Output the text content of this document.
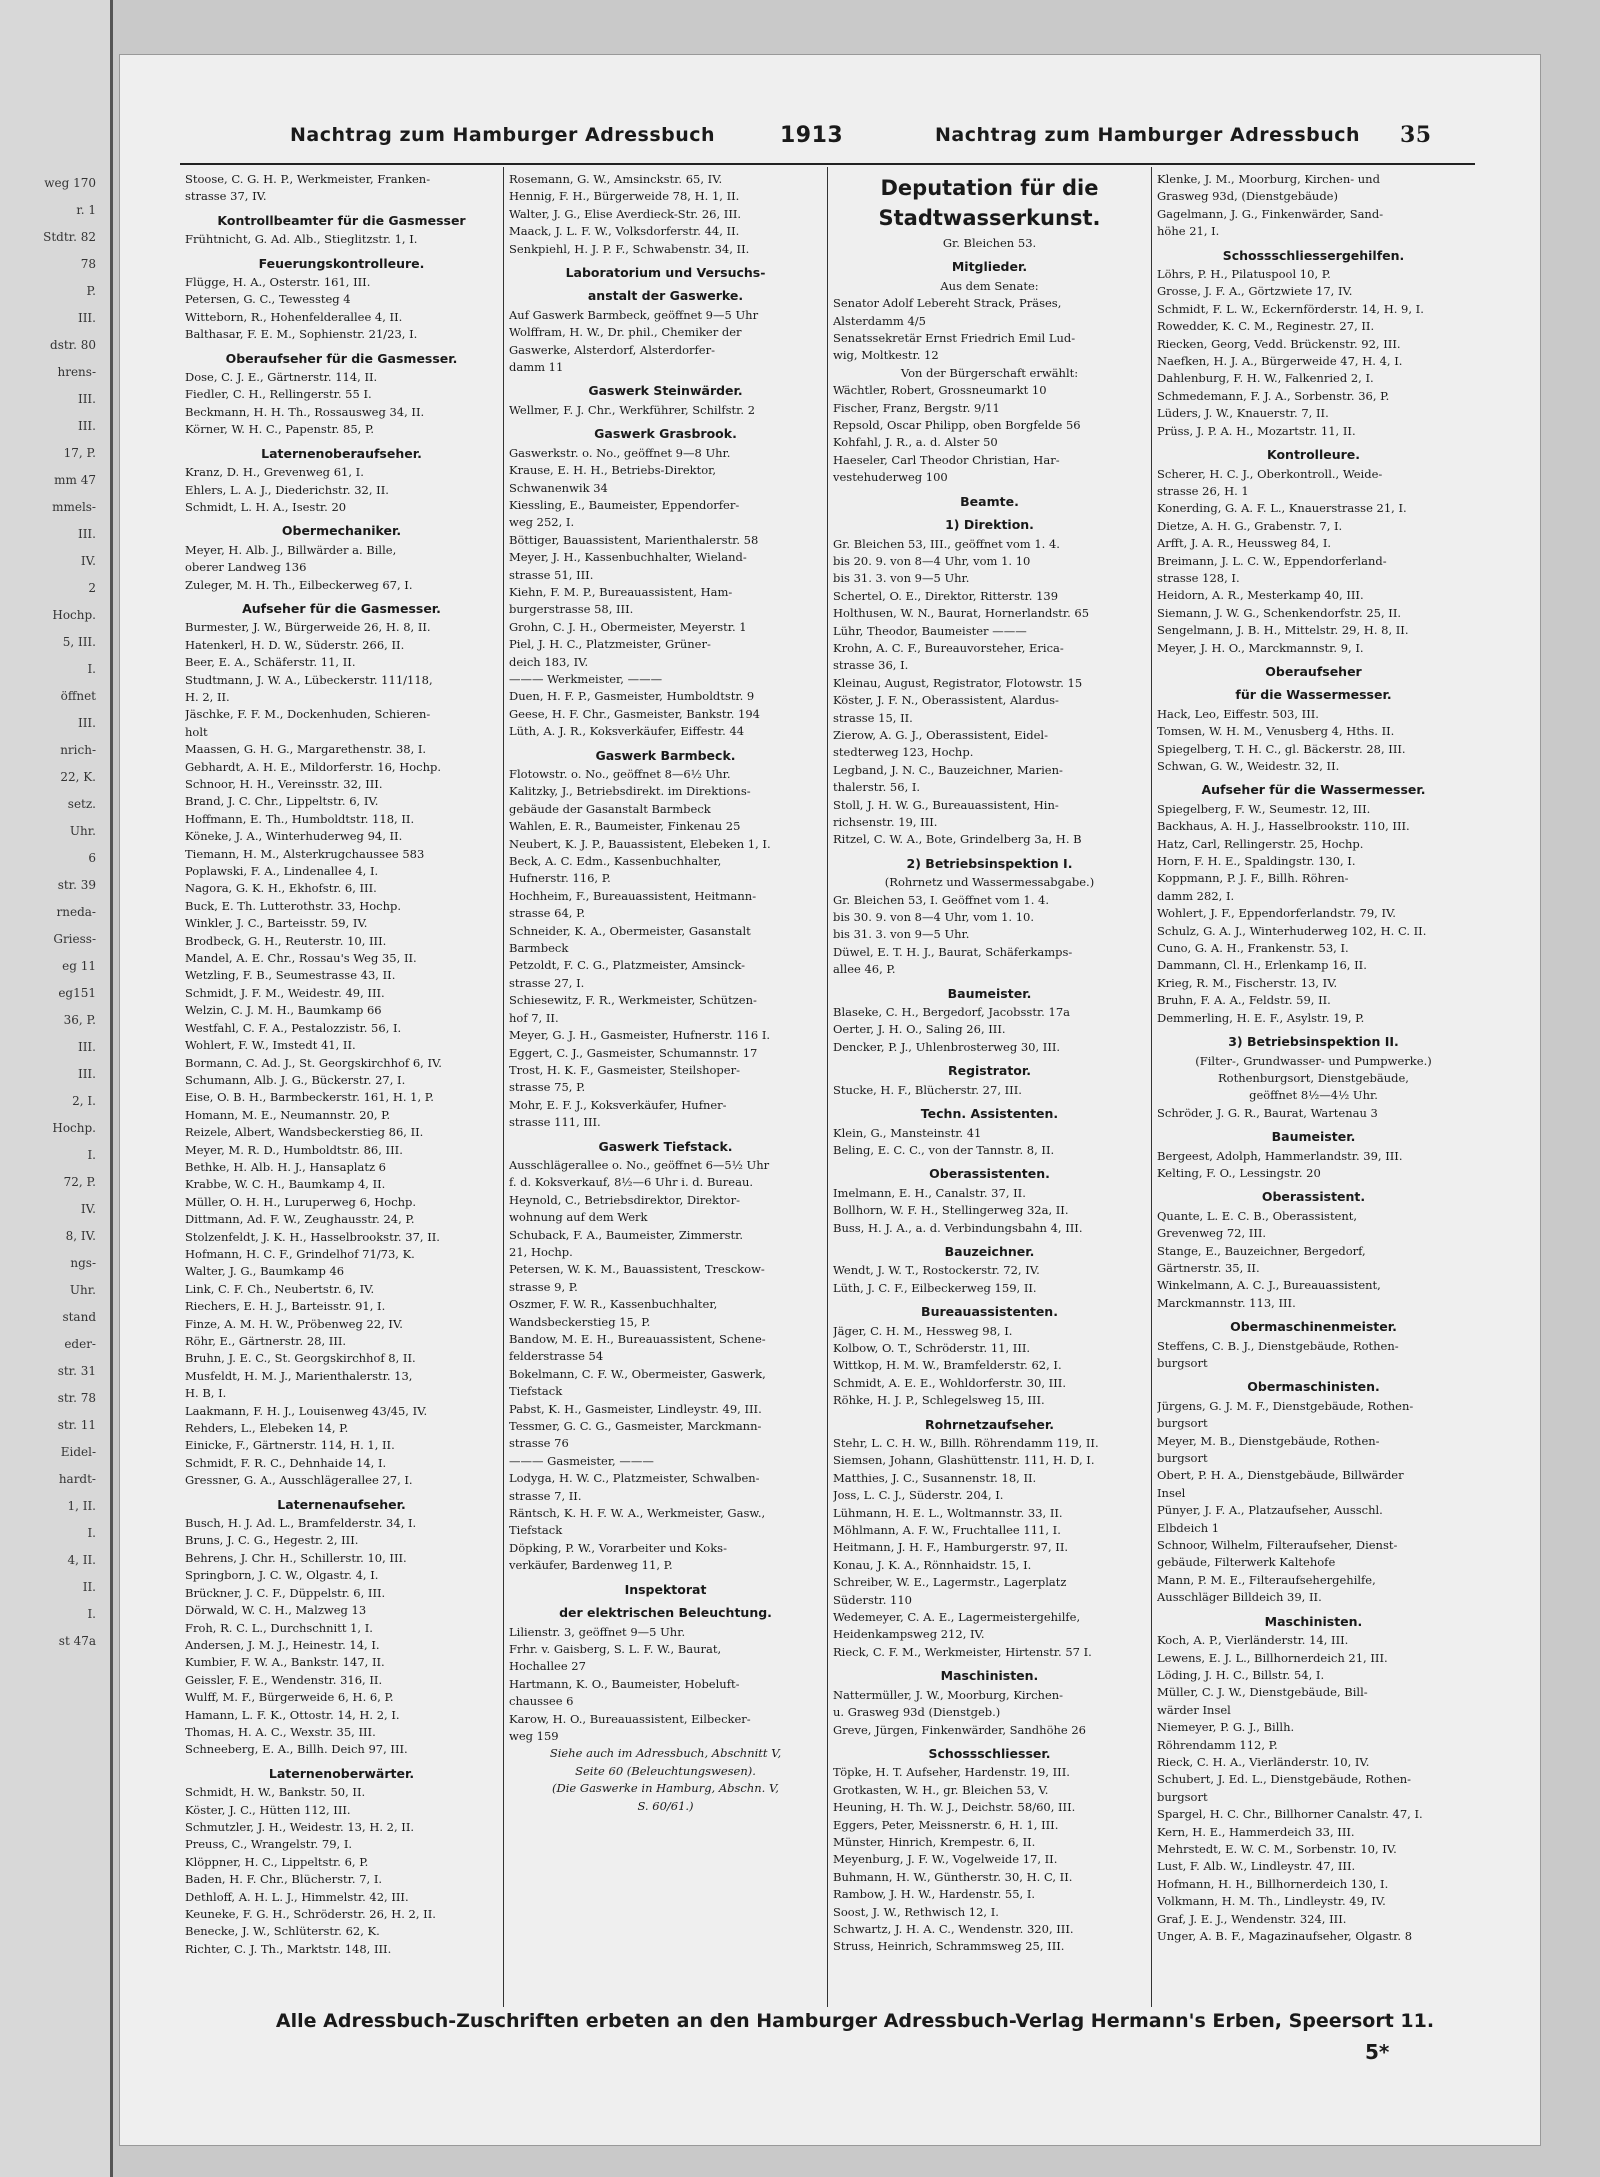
weg 170
r. 1
Stdtr. 82
78
P.
III.
dstr. 80
hrens-
III.
III.
17, P.
mm 47
mmels-
III.
IV.
2
Hochp.
5, III.
I.
öffnet
III.
nrich-
22, K.
setz.
Uhr.
6
str. 39
rneda-
Griess-
eg 11
eg151
36, P.
III.
III.
2, I.
Hochp.
I.
72, P.
IV.
8, IV.
ngs-
Uhr.
stand
eder-
str. 31
str. 78
str. 11
Eidel-
hardt-
1, II.
I.
4, II.
II.
I.
st 47a
Nachtrag zum Hamburger Adressbuch	1913	Nachtrag zum Hamburger Adressbuch 35
Stoose, C. G. H. P., Werkmeister, Franken-
strasse 37, IV.
Kontrollbeamter für die Gasmesser
Frühtnicht, G. Ad. Alb., Stieglitzstr. 1, I.
Feuerungskontrolleure.
Flügge, H. A., Osterstr. 161, III.
Petersen, G. C., Tewessteg 4
Witteborn, R., Hohenfelderallee 4, II.
Balthasar, F. E. M., Sophienstr. 21/23, I.
Oberaufseher für die Gasmesser.
Dose, C. J. E., Gärtnerstr. 114, II.
Fiedler, C. H., Rellingerstr. 55 I.
Beckmann, H. H. Th., Rossausweg 34, II.
Körner, W. H. C., Papenstr. 85, P.
Laternenoberaufseher.
Kranz, D. H., Grevenweg 61, I.
Ehlers, L. A. J., Diederichstr. 32, II.
Schmidt, L. H. A., Isestr. 20
Obermechaniker.
Meyer, H. Alb. J., Billwärder a. Bille,
oberer Landweg 136
Zuleger, M. H. Th., Eilbeckerweg 67, I.
Aufseher für die Gasmesser.
Burmester, J. W., Bürgerweide 26, H. 8, II.
Hatenkerl, H. D. W., Süderstr. 266, II.
Beer, E. A., Schäferstr. 11, II.
Studtmann, J. W. A., Lübeckerstr. 111/118,
H. 2, II.
Jäschke, F. F. M., Dockenhuden, Schieren-
holt
Maassen, G. H. G., Margarethenstr. 38, I.
Gebhardt, A. H. E., Mildorferstr. 16, Hochp.
Schnoor, H. H., Vereinsstr. 32, III.
Brand, J. C. Chr., Lippeltstr. 6, IV.
Hoffmann, E. Th., Humboldtstr. 118, II.
Köneke, J. A., Winterhuderweg 94, II.
Tiemann, H. M., Alsterkrugchaussee 583
Poplawski, F. A., Lindenallee 4, I.
Nagora, G. K. H., Ekhofstr. 6, III.
Buck, E. Th. Lutterothstr. 33, Hochp.
Winkler, J. C., Barteisstr. 59, IV.
Brodbeck, G. H., Reuterstr. 10, III.
Mandel, A. E. Chr., Rossau's Weg 35, II.
Wetzling, F. B., Seumestrasse 43, II.
Schmidt, J. F. M., Weidestr. 49, III.
Welzin, C. J. M. H., Baumkamp 66
Westfahl, C. F. A., Pestalozzistr. 56, I.
Wohlert, F. W., Imstedt 41, II.
Bormann, C. Ad. J., St. Georgskirchhof 6, IV.
Schumann, Alb. J. G., Bückerstr. 27, I.
Eise, O. B. H., Barmbeckerstr. 161, H. 1, P.
Homann, M. E., Neumannstr. 20, P.
Reizele, Albert, Wandsbeckerstieg 86, II.
Meyer, M. R. D., Humboldtstr. 86, III.
Bethke, H. Alb. H. J., Hansaplatz 6
Krabbe, W. C. H., Baumkamp 4, II.
Müller, O. H. H., Luruperweg 6, Hochp.
Dittmann, Ad. F. W., Zeughausstr. 24, P.
Stolzenfeldt, J. K. H., Hasselbrookstr. 37, II.
Hofmann, H. C. F., Grindelhof 71/73, K.
Walter, J. G., Baumkamp 46
Link, C. F. Ch., Neubertstr. 6, IV.
Riechers, E. H. J., Barteisstr. 91, I.
Finze, A. M. H. W., Pröbenweg 22, IV.
Röhr, E., Gärtnerstr. 28, III.
Bruhn, J. E. C., St. Georgskirchhof 8, II.
Musfeldt, H. M. J., Marienthalerstr. 13,
H. B, I.
Laakmann, F. H. J., Louisenweg 43/45, IV.
Rehders, L., Elebeken 14, P.
Einicke, F., Gärtnerstr. 114, H. 1, II.
Schmidt, F. R. C., Dehnhaide 14, I.
Gressner, G. A., Ausschlägerallee 27, I.
Laternenaufseher.
Busch, H. J. Ad. L., Bramfelderstr. 34, I.
Bruns, J. C. G., Hegestr. 2, III.
Behrens, J. Chr. H., Schillerstr. 10, III.
Springborn, J. C. W., Olgastr. 4, I.
Brückner, J. C. F., Düppelstr. 6, III.
Dörwald, W. C. H., Malzweg 13
Froh, R. C. L., Durchschnitt 1, I.
Andersen, J. M. J., Heinestr. 14, I.
Kumbier, F. W. A., Bankstr. 147, II.
Geissler, F. E., Wendenstr. 316, II.
Wulff, M. F., Bürgerweide 6, H. 6, P.
Hamann, L. F. K., Ottostr. 14, H. 2, I.
Thomas, H. A. C., Wexstr. 35, III.
Schneeberg, E. A., Billh. Deich 97, III.
Laternenoberwärter.
Schmidt, H. W., Bankstr. 50, II.
Köster, J. C., Hütten 112, III.
Schmutzler, J. H., Weidestr. 13, H. 2, II.
Preuss, C., Wrangelstr. 79, I.
Klöppner, H. C., Lippeltstr. 6, P.
Baden, H. F. Chr., Blücherstr. 7, I.
Dethloff, A. H. L. J., Himmelstr. 42, III.
Keuneke, F. G. H., Schröderstr. 26, H. 2, II.
Benecke, J. W., Schlüterstr. 62, K.
Richter, C. J. Th., Marktstr. 148, III.
Rosemann, G. W., Amsinckstr. 65, IV.
Hennig, F. H., Bürgerweide 78, H. 1, II.
Walter, J. G., Elise Averdieck-Str. 26, III.
Maack, J. L. F. W., Volksdorferstr. 44, II.
Senkpiehl, H. J. P. F., Schwabenstr. 34, II.
Laboratorium und Versuchs-
anstalt der Gaswerke.
Auf Gaswerk Barmbeck, geöffnet 9—5 Uhr
Wolffram, H. W., Dr. phil., Chemiker der
Gaswerke, Alsterdorf, Alsterdorfer-
damm 11
Gaswerk Steinwärder.
Wellmer, F. J. Chr., Werkführer, Schilfstr. 2
Gaswerk Grasbrook.
Gaswerkstr. o. No., geöffnet 9—8 Uhr.
Krause, E. H. H., Betriebs-Direktor,
Schwanenwik 34
Kiessling, E., Baumeister, Eppendorfer-
weg 252, I.
Böttiger, Bauassistent, Marienthalerstr. 58
Meyer, J. H., Kassenbuchhalter, Wieland-
strasse 51, III.
Kiehn, F. M. P., Bureauassistent, Ham-
burgerstrasse 58, III.
Grohn, C. J. H., Obermeister, Meyerstr. 1
Piel, J. H. C., Platzmeister, Grüner-
deich 183, IV.
——— Werkmeister, ———
Duen, H. F. P., Gasmeister, Humboldtstr. 9
Geese, H. F. Chr., Gasmeister, Bankstr. 194
Lüth, A. J. R., Koksverkäufer, Eiffestr. 44
Gaswerk Barmbeck.
Flotowstr. o. No., geöffnet 8—6½ Uhr.
Kalitzky, J., Betriebsdirekt. im Direktions-
gebäude der Gasanstalt Barmbeck
Wahlen, E. R., Baumeister, Finkenau 25
Neubert, K. J. P., Bauassistent, Elebeken 1, I.
Beck, A. C. Edm., Kassenbuchhalter,
Hufnerstr. 116, P.
Hochheim, F., Bureauassistent, Heitmann-
strasse 64, P.
Schneider, K. A., Obermeister, Gasanstalt
Barmbeck
Petzoldt, F. C. G., Platzmeister, Amsinck-
strasse 27, I.
Schiesewitz, F. R., Werkmeister, Schützen-
hof 7, II.
Meyer, G. J. H., Gasmeister, Hufnerstr. 116 I.
Eggert, C. J., Gasmeister, Schumannstr. 17
Trost, H. K. F., Gasmeister, Steilshoper-
strasse 75, P.
Mohr, E. F. J., Koksverkäufer, Hufner-
strasse 111, III.
Gaswerk Tiefstack.
Ausschlägerallee o. No., geöffnet 6—5½ Uhr
f. d. Koksverkauf, 8½—6 Uhr i. d. Bureau.
Heynold, C., Betriebsdirektor, Direktor-
wohnung auf dem Werk
Schuback, F. A., Baumeister, Zimmerstr.
21, Hochp.
Petersen, W. K. M., Bauassistent, Tresckow-
strasse 9, P.
Oszmer, F. W. R., Kassenbuchhalter,
Wandsbeckerstieg 15, P.
Bandow, M. E. H., Bureauassistent, Schene-
felderstrasse 54
Bokelmann, C. F. W., Obermeister, Gaswerk,
Tiefstack
Pabst, K. H., Gasmeister, Lindleystr. 49, III.
Tessmer, G. C. G., Gasmeister, Marckmann-
strasse 76
——— Gasmeister, ———
Lodyga, H. W. C., Platzmeister, Schwalben-
strasse 7, II.
Räntsch, K. H. F. W. A., Werkmeister, Gasw.,
Tiefstack
Döpking, P. W., Vorarbeiter und Koks-
verkäufer, Bardenweg 11, P.
Inspektorat
der elektrischen Beleuchtung.
Lilienstr. 3, geöffnet 9—5 Uhr.
Frhr. v. Gaisberg, S. L. F. W., Baurat,
Hochallee 27
Hartmann, K. O., Baumeister, Hobeluft-
chaussee 6
Karow, H. O., Bureauassistent, Eilbecker-
weg 159
Siehe auch im Adressbuch, Abschnitt V,
Seite 60 (Beleuchtungswesen).
(Die Gaswerke in Hamburg, Abschn. V,
S. 60/61.)
Deputation für die
Stadtwasserkunst.
Gr. Bleichen 53.
Mitglieder.
Aus dem Senate:
Senator Adolf Lebereht Strack, Präses,
Alsterdamm 4/5
Senatssekretär Ernst Friedrich Emil Lud-
wig, Moltkestr. 12
Von der Bürgerschaft erwählt:
Wächtler, Robert, Grossneumarkt 10
Fischer, Franz, Bergstr. 9/11
Repsold, Oscar Philipp, oben Borgfelde 56
Kohfahl, J. R., a. d. Alster 50
Haeseler, Carl Theodor Christian, Har-
vestehuderweg 100
Beamte.
1) Direktion.
Gr. Bleichen 53, III., geöffnet vom 1. 4.
bis 20. 9. von 8—4 Uhr, vom 1. 10
bis 31. 3. von 9—5 Uhr.
Schertel, O. E., Direktor, Ritterstr. 139
Holthusen, W. N., Baurat, Hornerlandstr. 65
Lühr, Theodor, Baumeister ———
Krohn, A. C. F., Bureauvorsteher, Erica-
strasse 36, I.
Kleinau, August, Registrator, Flotowstr. 15
Köster, J. F. N., Oberassistent, Alardus-
strasse 15, II.
Zierow, A. G. J., Oberassistent, Eidel-
stedterweg 123, Hochp.
Legband, J. N. C., Bauzeichner, Marien-
thalerstr. 56, I.
Stoll, J. H. W. G., Bureauassistent, Hin-
richsenstr. 19, III.
Ritzel, C. W. A., Bote, Grindelberg 3a, H. B
2) Betriebsinspektion I.
(Rohrnetz und Wassermessabgabe.)
Gr. Bleichen 53, I. Geöffnet vom 1. 4.
bis 30. 9. von 8—4 Uhr, vom 1. 10.
bis 31. 3. von 9—5 Uhr.
Düwel, E. T. H. J., Baurat, Schäferkamps-
allee 46, P.
Baumeister.
Blaseke, C. H., Bergedorf, Jacobsstr. 17a
Oerter, J. H. O., Saling 26, III.
Dencker, P. J., Uhlenbrosterweg 30, III.
Registrator.
Stucke, H. F., Blücherstr. 27, III.
Techn. Assistenten.
Klein, G., Mansteinstr. 41
Beling, E. C. C., von der Tannstr. 8, II.
Oberassistenten.
Imelmann, E. H., Canalstr. 37, II.
Bollhorn, W. F. H., Stellingerweg 32a, II.
Buss, H. J. A., a. d. Verbindungsbahn 4, III.
Bauzeichner.
Wendt, J. W. T., Rostockerstr. 72, IV.
Lüth, J. C. F., Eilbeckerweg 159, II.
Bureauassistenten.
Jäger, C. H. M., Hessweg 98, I.
Kolbow, O. T., Schröderstr. 11, III.
Wittkop, H. M. W., Bramfelderstr. 62, I.
Schmidt, A. E. E., Wohldorferstr. 30, III.
Röhke, H. J. P., Schlegelsweg 15, III.
Rohrnetzaufseher.
Stehr, L. C. H. W., Billh. Röhrendamm 119, II.
Siemsen, Johann, Glashüttenstr. 111, H. D, I.
Matthies, J. C., Susannenstr. 18, II.
Joss, L. C. J., Süderstr. 204, I.
Lühmann, H. E. L., Woltmannstr. 33, II.
Möhlmann, A. F. W., Fruchtallee 111, I.
Heitmann, J. H. F., Hamburgerstr. 97, II.
Konau, J. K. A., Rönnhaidstr. 15, I.
Schreiber, W. E., Lagermstr., Lagerplatz
Süderstr. 110
Wedemeyer, C. A. E., Lagermeistergehilfe,
Heidenkampsweg 212, IV.
Rieck, C. F. M., Werkmeister, Hirtenstr. 57 I.
Maschinisten.
Nattermüller, J. W., Moorburg, Kirchen-
u. Grasweg 93d (Dienstgeb.)
Greve, Jürgen, Finkenwärder, Sandhöhe 26
Schossschliesser.
Töpke, H. T. Aufseher, Hardenstr. 19, III.
Grotkasten, W. H., gr. Bleichen 53, V.
Heuning, H. Th. W. J., Deichstr. 58/60, III.
Eggers, Peter, Meissnerstr. 6, H. 1, III.
Münster, Hinrich, Krempestr. 6, II.
Meyenburg, J. F. W., Vogelweide 17, II.
Buhmann, H. W., Güntherstr. 30, H. C, II.
Rambow, J. H. W., Hardenstr. 55, I.
Soost, J. W., Rethwisch 12, I.
Schwartz, J. H. A. C., Wendenstr. 320, III.
Struss, Heinrich, Schrammsweg 25, III.
Klenke, J. M., Moorburg, Kirchen- und
Grasweg 93d, (Dienstgebäude)
Gagelmann, J. G., Finkenwärder, Sand-
höhe 21, I.
Schossschliessergehilfen.
Löhrs, P. H., Pilatuspool 10, P.
Grosse, J. F. A., Görtzwiete 17, IV.
Schmidt, F. L. W., Eckernförderstr. 14, H. 9, I.
Rowedder, K. C. M., Reginestr. 27, II.
Riecken, Georg, Vedd. Brückenstr. 92, III.
Naefken, H. J. A., Bürgerweide 47, H. 4, I.
Dahlenburg, F. H. W., Falkenried 2, I.
Schmedemann, F. J. A., Sorbenstr. 36, P.
Lüders, J. W., Knauerstr. 7, II.
Prüss, J. P. A. H., Mozartstr. 11, II.
Kontrolleure.
Scherer, H. C. J., Oberkontroll., Weide-
strasse 26, H. 1
Konerding, G. A. F. L., Knauerstrasse 21, I.
Dietze, A. H. G., Grabenstr. 7, I.
Arfft, J. A. R., Heussweg 84, I.
Breimann, J. L. C. W., Eppendorferland-
strasse 128, I.
Heidorn, A. R., Mesterkamp 40, III.
Siemann, J. W. G., Schenkendorfstr. 25, II.
Sengelmann, J. B. H., Mittelstr. 29, H. 8, II.
Meyer, J. H. O., Marckmannstr. 9, I.
Oberaufseher
für die Wassermesser.
Hack, Leo, Eiffestr. 503, III.
Tomsen, W. H. M., Venusberg 4, Hths. II.
Spiegelberg, T. H. C., gl. Bäckerstr. 28, III.
Schwan, G. W., Weidestr. 32, II.
Aufseher für die Wassermesser.
Spiegelberg, F. W., Seumestr. 12, III.
Backhaus, A. H. J., Hasselbrookstr. 110, III.
Hatz, Carl, Rellingerstr. 25, Hochp.
Horn, F. H. E., Spaldingstr. 130, I.
Koppmann, P. J. F., Billh. Röhren-
damm 282, I.
Wohlert, J. F., Eppendorferlandstr. 79, IV.
Schulz, G. A. J., Winterhuderweg 102, H. C. II.
Cuno, G. A. H., Frankenstr. 53, I.
Dammann, Cl. H., Erlenkamp 16, II.
Krieg, R. M., Fischerstr. 13, IV.
Bruhn, F. A. A., Feldstr. 59, II.
Demmerling, H. E. F., Asylstr. 19, P.
3) Betriebsinspektion II.
(Filter-, Grundwasser- und Pumpwerke.)
Rothenburgsort, Dienstgebäude,
geöffnet 8½—4½ Uhr.
Schröder, J. G. R., Baurat, Wartenau 3
Baumeister.
Bergeest, Adolph, Hammerlandstr. 39, III.
Kelting, F. O., Lessingstr. 20
Oberassistent.
Quante, L. E. C. B., Oberassistent,
Grevenweg 72, III.
Stange, E., Bauzeichner, Bergedorf,
Gärtnerstr. 35, II.
Winkelmann, A. C. J., Bureauassistent,
Marckmannstr. 113, III.
Obermaschinenmeister.
Steffens, C. B. J., Dienstgebäude, Rothen-
burgsort
Obermaschinisten.
Jürgens, G. J. M. F., Dienstgebäude, Rothen-
burgsort
Meyer, M. B., Dienstgebäude, Rothen-
burgsort
Obert, P. H. A., Dienstgebäude, Billwärder
Insel
Pünyer, J. F. A., Platzaufseher, Ausschl.
Elbdeich 1
Schnoor, Wilhelm, Filteraufseher, Dienst-
gebäude, Filterwerk Kaltehofe
Mann, P. M. E., Filteraufsehergehilfe,
Ausschläger Billdeich 39, II.
Maschinisten.
Koch, A. P., Vierländerstr. 14, III.
Lewens, E. J. L., Billhornerdeich 21, III.
Löding, J. H. C., Billstr. 54, I.
Müller, C. J. W., Dienstgebäude, Bill-
wärder Insel
Niemeyer, P. G. J., Billh.
Röhrendamm 112, P.
Rieck, C. H. A., Vierländerstr. 10, IV.
Schubert, J. Ed. L., Dienstgebäude, Rothen-
burgsort
Spargel, H. C. Chr., Billhorner Canalstr. 47, I.
Kern, H. E., Hammerdeich 33, III.
Mehrstedt, E. W. C. M., Sorbenstr. 10, IV.
Lust, F. Alb. W., Lindleystr. 47, III.
Hofmann, H. H., Billhornerdeich 130, I.
Volkmann, H. M. Th., Lindleystr. 49, IV.
Graf, J. E. J., Wendenstr. 324, III.
Unger, A. B. F., Magazinaufseher, Olgastr. 8
Alle Adressbuch-Zuschriften erbeten an den Hamburger Adressbuch-Verlag Hermann's Erben, Speersort 11.
5*
